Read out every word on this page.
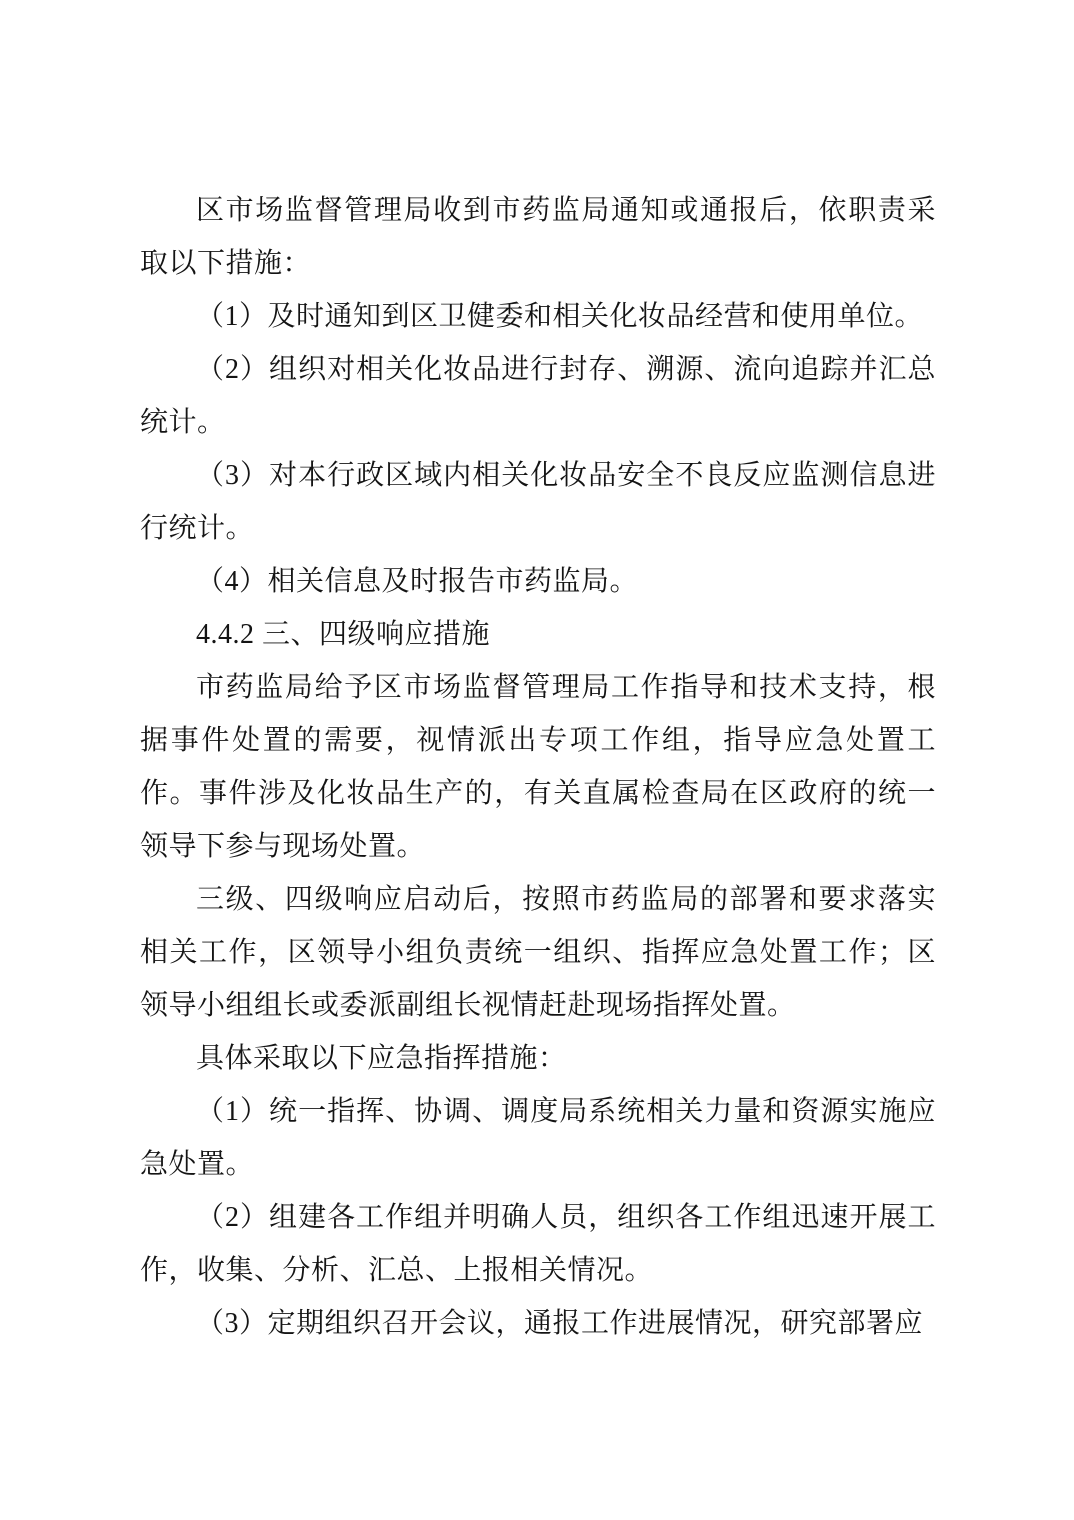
区市场监督管理局收到市药监局通知或通报后，依职责采取以下措施：

（1）及时通知到区卫健委和相关化妆品经营和使用单位。

（2）组织对相关化妆品进行封存、溯源、流向追踪并汇总统计。

（3）对本行政区域内相关化妆品安全不良反应监测信息进行统计。

（4）相关信息及时报告市药监局。

4.4.2 三、四级响应措施

市药监局给予区市场监督管理局工作指导和技术支持，根据事件处置的需要，视情派出专项工作组，指导应急处置工作。事件涉及化妆品生产的，有关直属检查局在区政府的统一领导下参与现场处置。

三级、四级响应启动后，按照市药监局的部署和要求落实相关工作，区领导小组负责统一组织、指挥应急处置工作；区领导小组组长或委派副组长视情赶赴现场指挥处置。

具体采取以下应急指挥措施：

（1）统一指挥、协调、调度局系统相关力量和资源实施应急处置。

（2）组建各工作组并明确人员，组织各工作组迅速开展工作，收集、分析、汇总、上报相关情况。

（3）定期组织召开会议，通报工作进展情况，研究部署应
